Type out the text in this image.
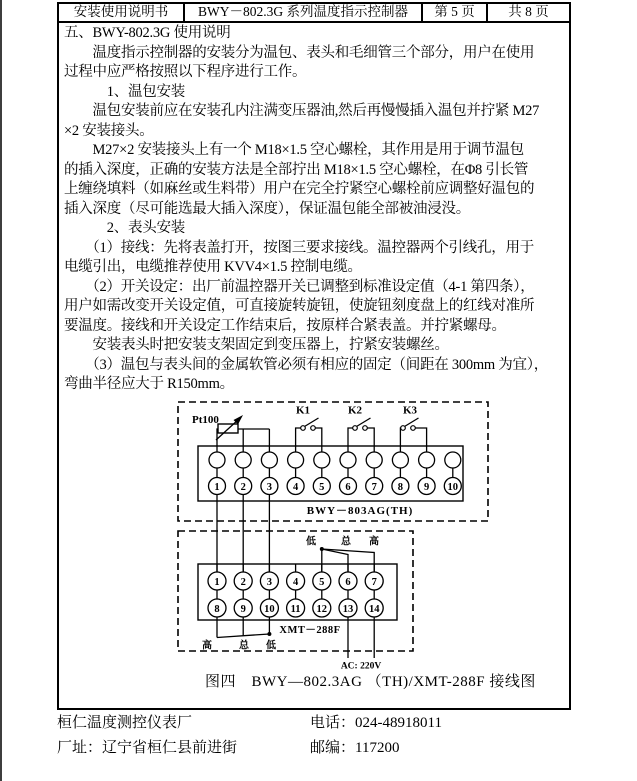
安装使用说明书	BWY－802.3G 系列温度指示控制器	第 5 页	共 8 页
五、BWY-802.3G 使用说明
　　温度指示控制器的安装分为温包、表头和毛细管三个部分，用户在使用
过程中应严格按照以下程序进行工作。
　　　1、温包安装
　　温包安装前应在安装孔内注满变压器油,然后再慢慢插入温包并拧紧 M27
×2 安装接头。
　　M27×2 安装接头上有一个 M18×1.5 空心螺栓，其作用是用于调节温包
的插入深度，正确的安装方法是全部拧出 M18×1.5 空心螺栓，在Φ8 引长管
上缠绕填料（如麻丝或生料带）用户在完全拧紧空心螺栓前应调整好温包的
插入深度（尽可能选最大插入深度），保证温包能全部被油浸没。
　　　2、表头安装
　　（1）接线：先将表盖打开，按图三要求接线。温控器两个引线孔，用于
电缆引出，电缆推荐使用 KVV4×1.5 控制电缆。
　　（2）开关设定：出厂前温控器开关已调整到标准设定值（4-1 第四条），
用户如需改变开关设定值，可直接旋转旋钮，使旋钮刻度盘上的红线对准所
要温度。接线和开关设定工作结束后，按原样合紧表盖。并拧紧螺母。
　　安装表头时把安装支架固定到变压器上，拧紧安装螺丝。
　　（3）温包与表头间的金属软管必须有相应的固定（间距在 300mm 为宜），
弯曲半径应大于 R150mm。
Pt100
K1	K2	K3
1 2 3 4 5 6 7 8 9 10
BWY－803AG(TH)
低	总 高
1 2 3 4 5 6 7
8 9 10 11 12 13 14
高	总 低
XMT－288F
AC: 220V
图四　BWY—802.3AG （TH)/XMT-288F 接线图
桓仁温度测控仪表厂	电话：024-48918011
厂址：辽宁省桓仁县前进街	邮编：117200
